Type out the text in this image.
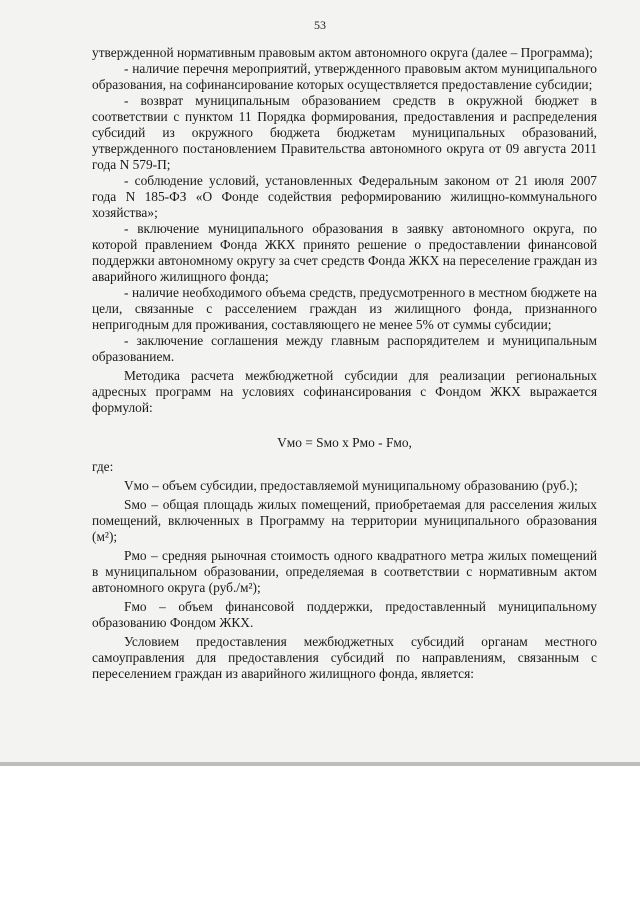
53

утвержденной нормативным правовым актом автономного округа (далее – Программа);

- наличие перечня мероприятий, утвержденного правовым актом муниципального образования, на софинансирование которых осуществляется предоставление субсидии;

- возврат муниципальным образованием средств в окружной бюджет в соответствии с пунктом 11 Порядка формирования, предоставления и распределения субсидий из окружного бюджета бюджетам муниципальных образований, утвержденного постановлением Правительства автономного округа от 09 августа 2011 года N 579-П;

- соблюдение условий, установленных Федеральным законом от 21 июля 2007 года N 185-ФЗ «О Фонде содействия реформированию жилищно-коммунального хозяйства»;

- включение муниципального образования в заявку автономного округа, по которой правлением Фонда ЖКХ принято решение о предоставлении финансовой поддержки автономному округу за счет средств Фонда ЖКХ на переселение граждан из аварийного жилищного фонда;

- наличие необходимого объема средств, предусмотренного в местном бюджете на цели, связанные с расселением граждан из жилищного фонда, признанного непригодным для проживания, составляющего не менее 5% от суммы субсидии;

- заключение соглашения между главным распорядителем и муниципальным образованием.

Методика расчета межбюджетной субсидии для реализации региональных адресных программ на условиях софинансирования с Фондом ЖКХ выражается формулой:

Vмо = Sмо х Рмо - Fмо,

где:

Vмо – объем субсидии, предоставляемой муниципальному образованию (руб.);

Sмо – общая площадь жилых помещений, приобретаемая для расселения жилых помещений, включенных в Программу на территории муниципального образования (м²);

Рмо – средняя рыночная стоимость одного квадратного метра жилых помещений в муниципальном образовании, определяемая в соответствии с нормативным актом автономного округа (руб./м²);

Fмо – объем финансовой поддержки, предоставленный муниципальному образованию Фондом ЖКХ.

Условием предоставления межбюджетных субсидий органам местного самоуправления для предоставления субсидий по направлениям, связанным с переселением граждан из аварийного жилищного фонда, является:
